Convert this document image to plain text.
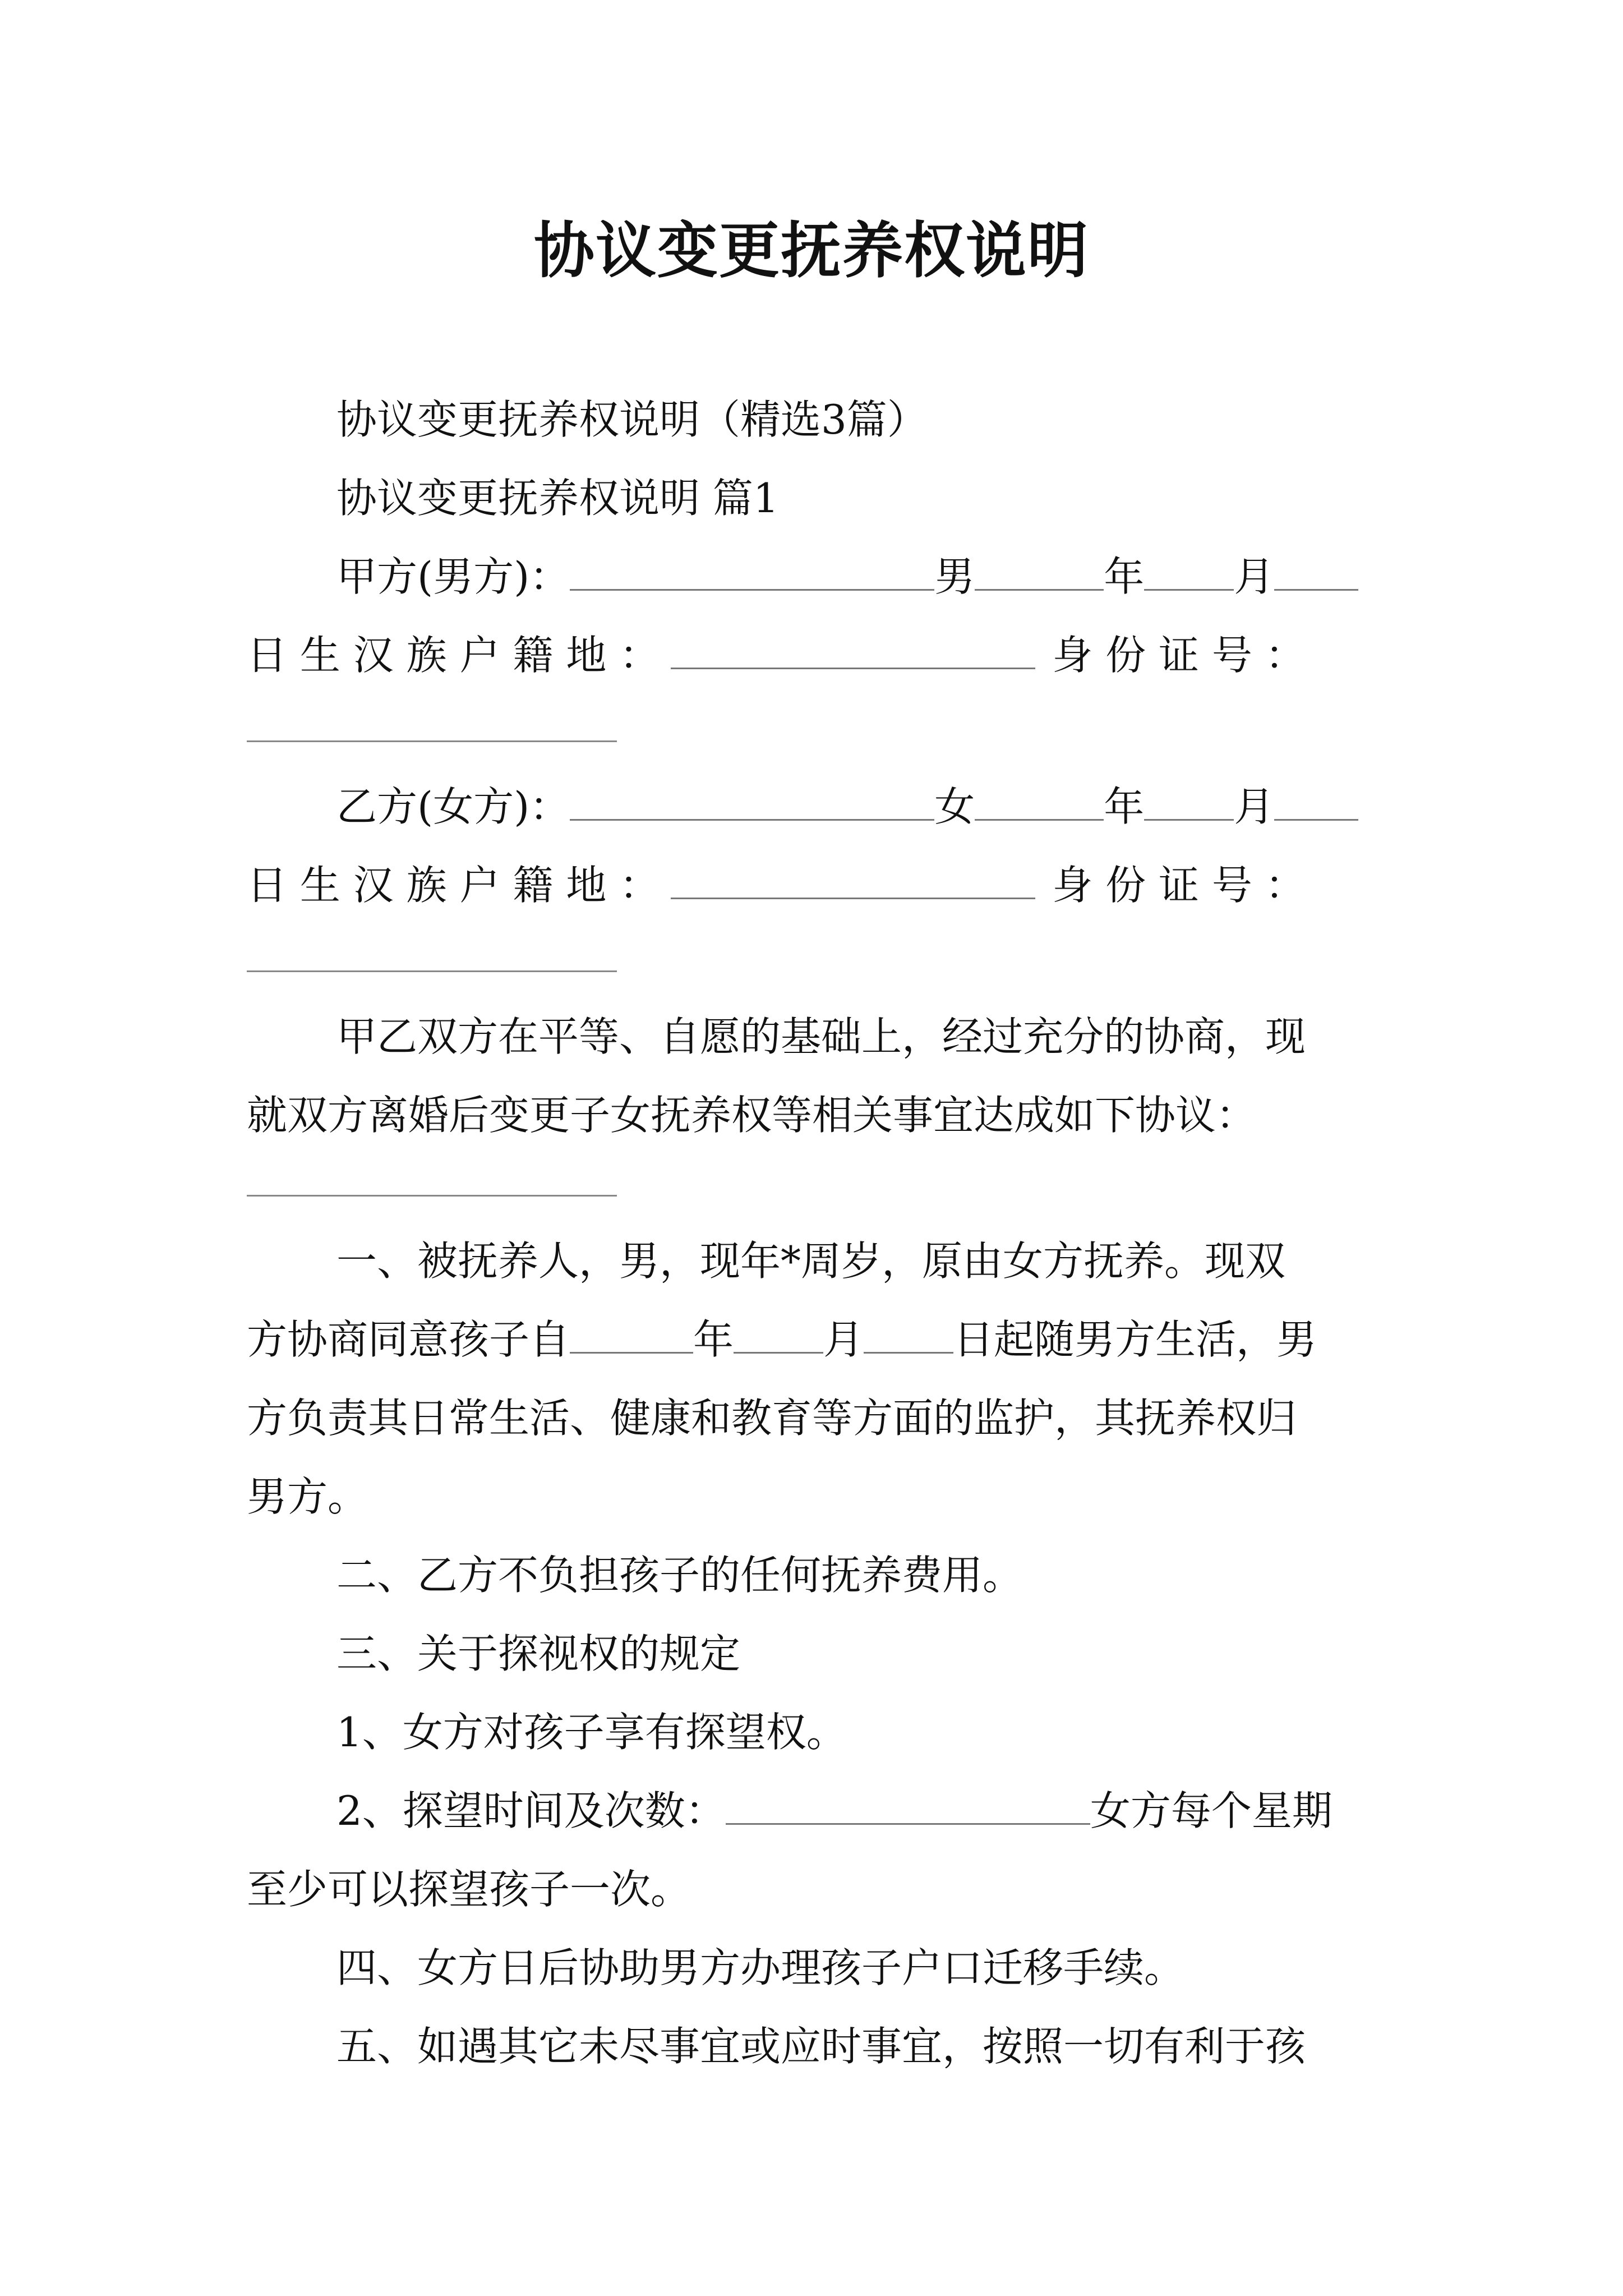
协议变更抚养权说明
协议变更抚养权说明（精选3篇）
协议变更抚养权说明 篇1
甲方(男方)：	男	年 月
日 生 汉 族 户 籍 地 ：	身 份 证 号 ：
乙方(女方)：	女	年 月
日 生 汉 族 户 籍 地 ：	身 份 证 号 ：
甲乙双方在平等、自愿的基础上，经过充分的协商，现
就双方离婚后变更子女抚养权等相关事宜达成如下协议：
一、被抚养人，男，现年*周岁，原由女方抚养。现双
方协商同意孩子自	年 月 日起随男方生活，男
方负责其日常生活、健康和教育等方面的监护，其抚养权归
男方。
二、乙方不负担孩子的任何抚养费用。
三、关于探视权的规定
1、女方对孩子享有探望权。
2、探望时间及次数：	女方每个星期
至少可以探望孩子一次。
四、女方日后协助男方办理孩子户口迁移手续。
五、如遇其它未尽事宜或应时事宜，按照一切有利于孩
